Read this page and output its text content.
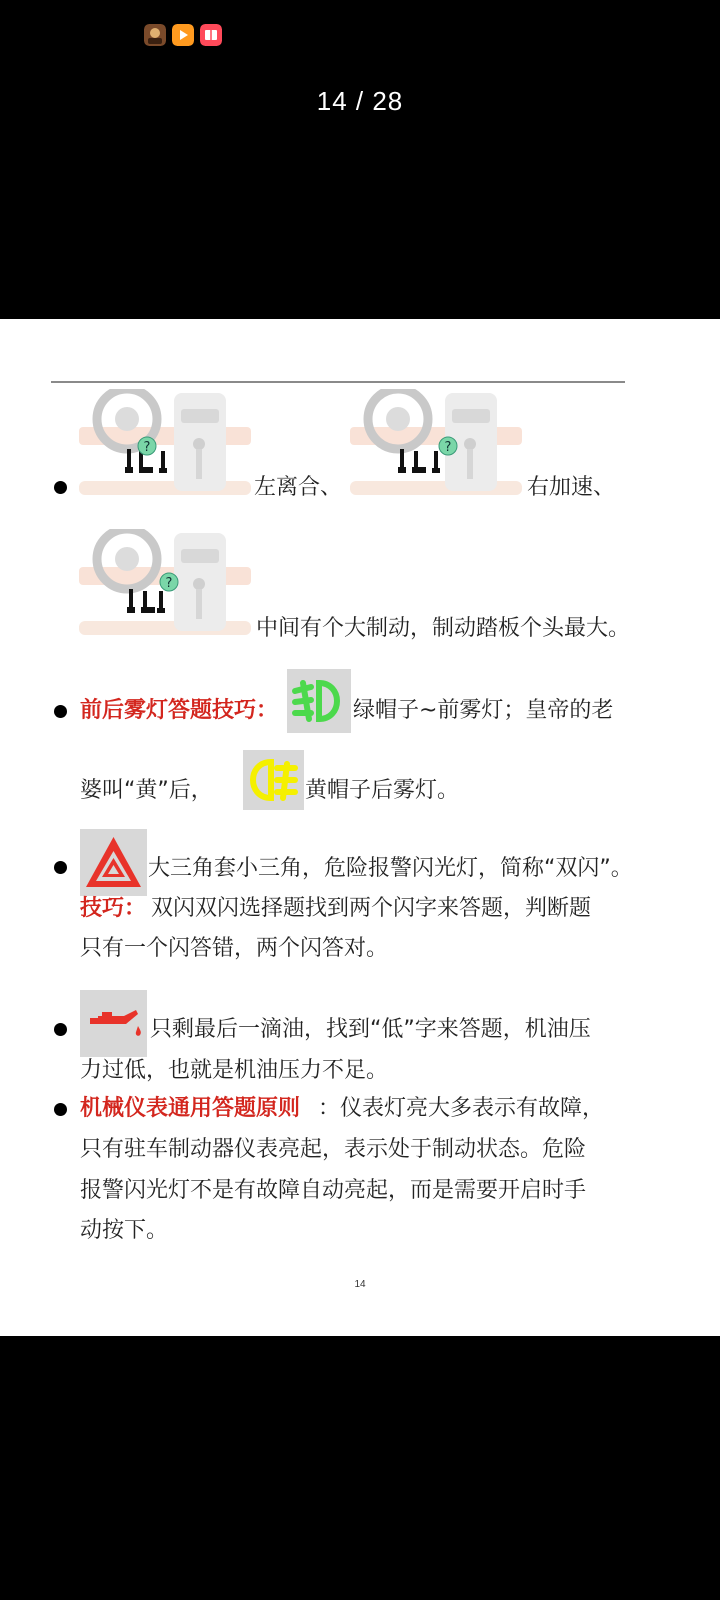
14 / 28
?
左离合、
?
右加速、
?
中间有个大制动，制动踏板个头最大。
前后雾灯答题技巧：	绿帽子~前雾灯；皇帝的老
婆叫“黄”后，	黄帽子后雾灯。
大三角套小三角，危险报警闪光灯，简称“双闪”。
技巧： 双闪双闪选择题找到两个闪字来答题，判断题
只有一个闪答错，两个闪答对。
只剩最后一滴油，找到“低”字来答题，机油压
力过低，也就是机油压力不足。
机械仪表通用答题原则 ：仪表灯亮大多表示有故障，
只有驻车制动器仪表亮起，表示处于制动状态。危险
报警闪光灯不是有故障自动亮起，而是需要开启时手
动按下。
14
